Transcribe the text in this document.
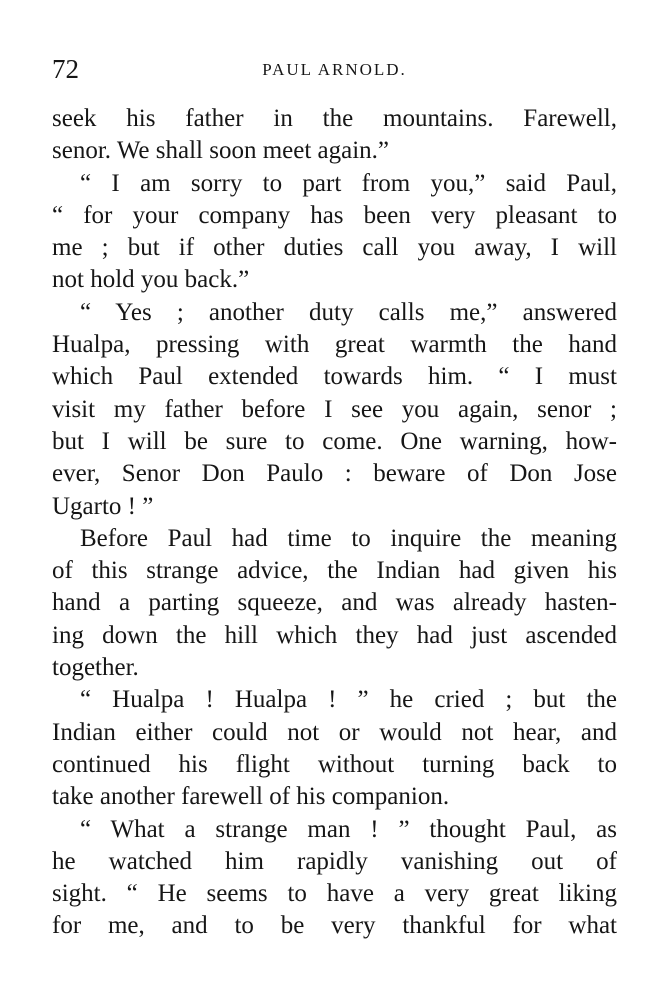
72	PAUL ARNOLD.
seek his father in the mountains. Farewell,
senor. We shall soon meet again.”
“ I am sorry to part from you,” said Paul,
“ for your company has been very pleasant to
me ; but if other duties call you away, I will
not hold you back.”
“ Yes ; another duty calls me,” answered
Hualpa, pressing with great warmth the hand
which Paul extended towards him. “ I must
visit my father before I see you again, senor ;
but I will be sure to come. One warning, how-
ever, Senor Don Paulo : beware of Don Jose
Ugarto ! ”
Before Paul had time to inquire the meaning
of this strange advice, the Indian had given his
hand a parting squeeze, and was already hasten-
ing down the hill which they had just ascended
together.
“ Hualpa ! Hualpa ! ” he cried ; but the
Indian either could not or would not hear, and
continued his flight without turning back to
take another farewell of his companion.
“ What a strange man ! ” thought Paul, as
he watched him rapidly vanishing out of
sight. “ He seems to have a very great liking
for me, and to be very thankful for what
